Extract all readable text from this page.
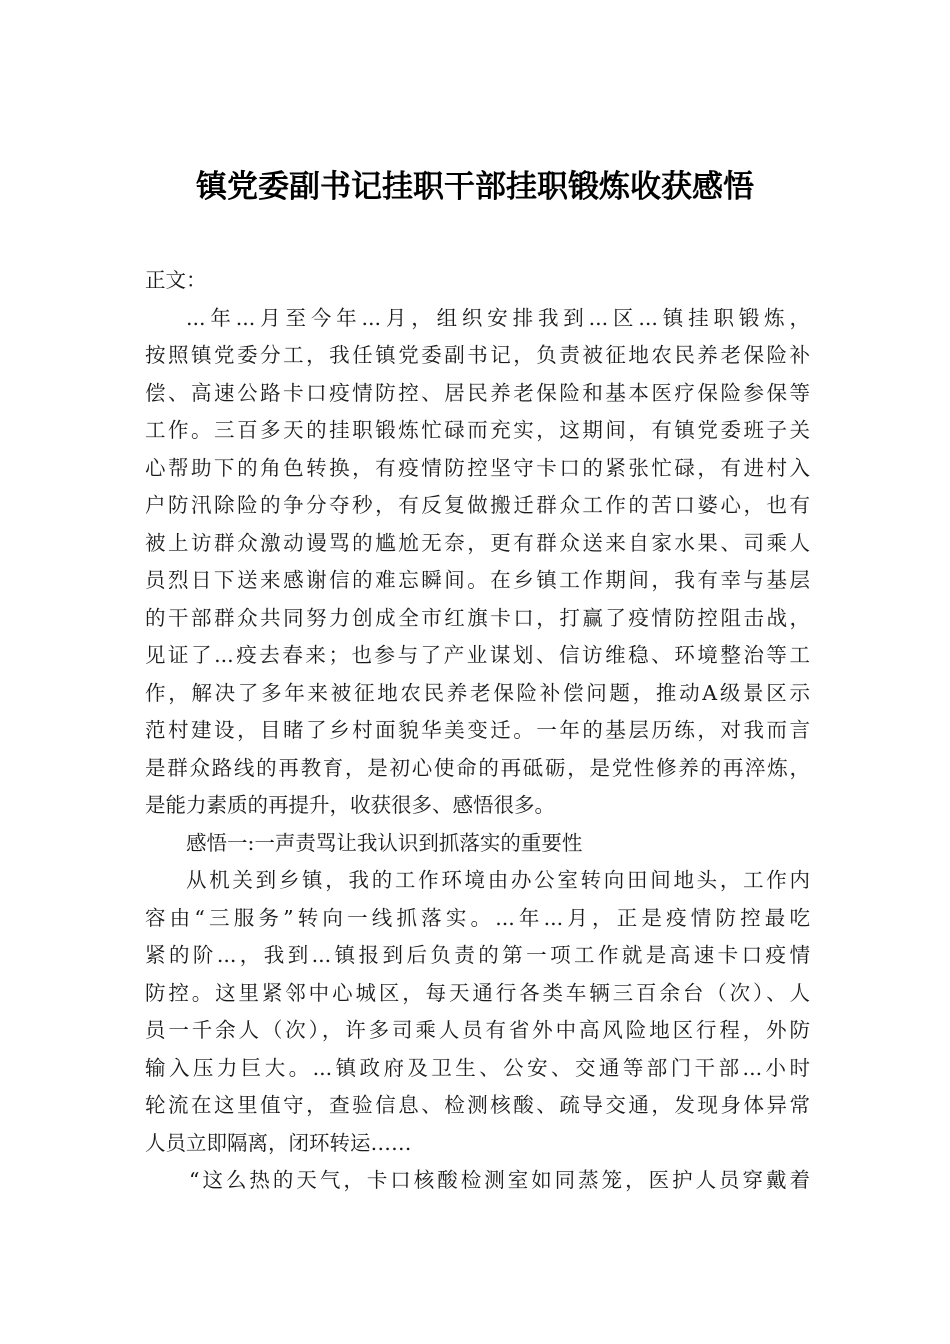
镇党委副书记挂职干部挂职锻炼收获感悟
正文：
...年...月至今年...月，组织安排我到...区...镇挂职锻炼，
按照镇党委分工，我任镇党委副书记，负责被征地农民养老保险补
偿、高速公路卡口疫情防控、居民养老保险和基本医疗保险参保等
工作。三百多天的挂职锻炼忙碌而充实，这期间，有镇党委班子关
心帮助下的角色转换，有疫情防控坚守卡口的紧张忙碌，有进村入
户防汛除险的争分夺秒，有反复做搬迁群众工作的苦口婆心，也有
被上访群众激动谩骂的尴尬无奈，更有群众送来自家水果、司乘人
员烈日下送来感谢信的难忘瞬间。在乡镇工作期间，我有幸与基层
的干部群众共同努力创成全市红旗卡口，打赢了疫情防控阻击战，
见证了...疫去春来；也参与了产业谋划、信访维稳、环境整治等工
作，解决了多年来被征地农民养老保险补偿问题，推动A级景区示
范村建设，目睹了乡村面貌华美变迁。一年的基层历练，对我而言
是群众路线的再教育，是初心使命的再砥砺，是党性修养的再淬炼，
是能力素质的再提升，收获很多、感悟很多。
感悟一:一声责骂让我认识到抓落实的重要性
从机关到乡镇，我的工作环境由办公室转向田间地头，工作内
容由“三服务”转向一线抓落实。...年...月，正是疫情防控最吃
紧的阶...，我到...镇报到后负责的第一项工作就是高速卡口疫情
防控。这里紧邻中心城区，每天通行各类车辆三百余台（次）、人
员一千余人（次），许多司乘人员有省外中高风险地区行程，外防
输入压力巨大。...镇政府及卫生、公安、交通等部门干部...小时
轮流在这里值守，查验信息、检测核酸、疏导交通，发现身体异常
人员立即隔离，闭环转运……
“这么热的天气，卡口核酸检测室如同蒸笼，医护人员穿戴着
